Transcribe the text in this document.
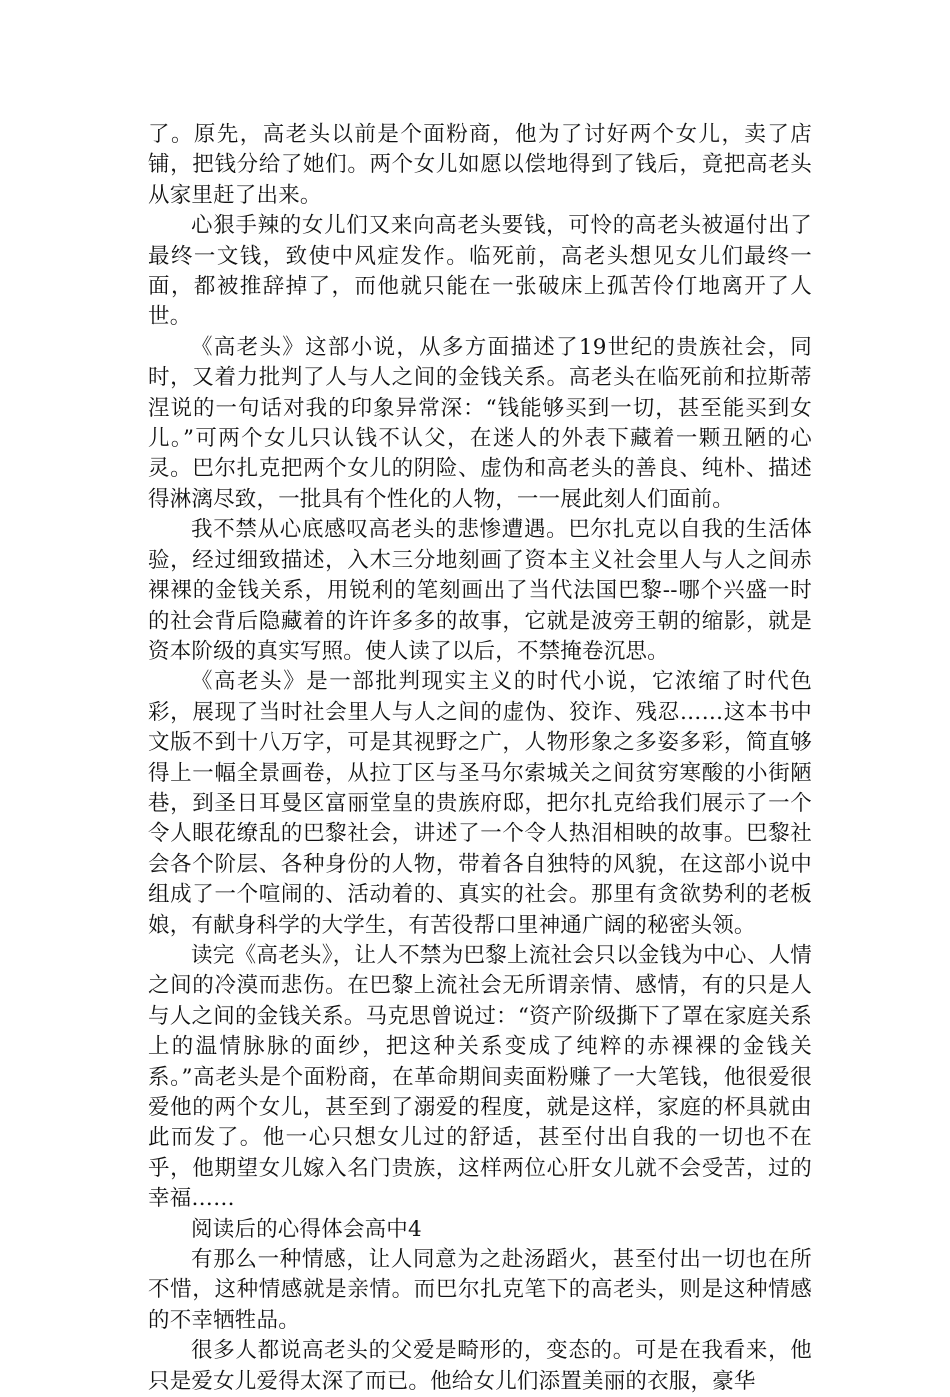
了。原先，高老头以前是个面粉商，他为了讨好两个女儿，卖了店铺，把钱分给了她们。两个女儿如愿以偿地得到了钱后，竟把高老头从家里赶了出来。

心狠手辣的女儿们又来向高老头要钱，可怜的高老头被逼付出了最终一文钱，致使中风症发作。临死前，高老头想见女儿们最终一面，都被推辞掉了，而他就只能在一张破床上孤苦伶仃地离开了人世。

《高老头》这部小说，从多方面描述了19世纪的贵族社会，同时，又着力批判了人与人之间的金钱关系。高老头在临死前和拉斯蒂涅说的一句话对我的印象异常深：“钱能够买到一切，甚至能买到女儿。”可两个女儿只认钱不认父，在迷人的外表下藏着一颗丑陋的心灵。巴尔扎克把两个女儿的阴险、虚伪和高老头的善良、纯朴、描述得淋漓尽致，一批具有个性化的人物，一一展此刻人们面前。

我不禁从心底感叹高老头的悲惨遭遇。巴尔扎克以自我的生活体验，经过细致描述，入木三分地刻画了资本主义社会里人与人之间赤裸裸的金钱关系，用锐利的笔刻画出了当代法国巴黎--哪个兴盛一时的社会背后隐藏着的许许多多的故事，它就是波旁王朝的缩影，就是资本阶级的真实写照。使人读了以后，不禁掩卷沉思。

《高老头》是一部批判现实主义的时代小说，它浓缩了时代色彩，展现了当时社会里人与人之间的虚伪、狡诈、残忍……这本书中文版不到十八万字，可是其视野之广，人物形象之多姿多彩，简直够得上一幅全景画卷，从拉丁区与圣马尔索城关之间贫穷寒酸的小街陋巷，到圣日耳曼区富丽堂皇的贵族府邸，把尔扎克给我们展示了一个令人眼花缭乱的巴黎社会，讲述了一个令人热泪相映的故事。巴黎社会各个阶层、各种身份的人物，带着各自独特的风貌，在这部小说中组成了一个喧闹的、活动着的、真实的社会。那里有贪欲势利的老板娘，有献身科学的大学生，有苦役帮口里神通广阔的秘密头领。

读完《高老头》，让人不禁为巴黎上流社会只以金钱为中心、人情之间的冷漠而悲伤。在巴黎上流社会无所谓亲情、感情，有的只是人与人之间的金钱关系。马克思曾说过：“资产阶级撕下了罩在家庭关系上的温情脉脉的面纱，把这种关系变成了纯粹的赤裸裸的金钱关系。”高老头是个面粉商，在革命期间卖面粉赚了一大笔钱，他很爱很爱他的两个女儿，甚至到了溺爱的程度，就是这样，家庭的杯具就由此而发了。他一心只想女儿过的舒适，甚至付出自我的一切也不在乎，他期望女儿嫁入名门贵族，这样两位心肝女儿就不会受苦，过的幸福……

阅读后的心得体会高中4

有那么一种情感，让人同意为之赴汤蹈火，甚至付出一切也在所不惜，这种情感就是亲情。而巴尔扎克笔下的高老头，则是这种情感的不幸牺牲品。

很多人都说高老头的父爱是畸形的，变态的。可是在我看来，他只是爱女儿爱得太深了而已。他给女儿们添置美丽的衣服，豪华
